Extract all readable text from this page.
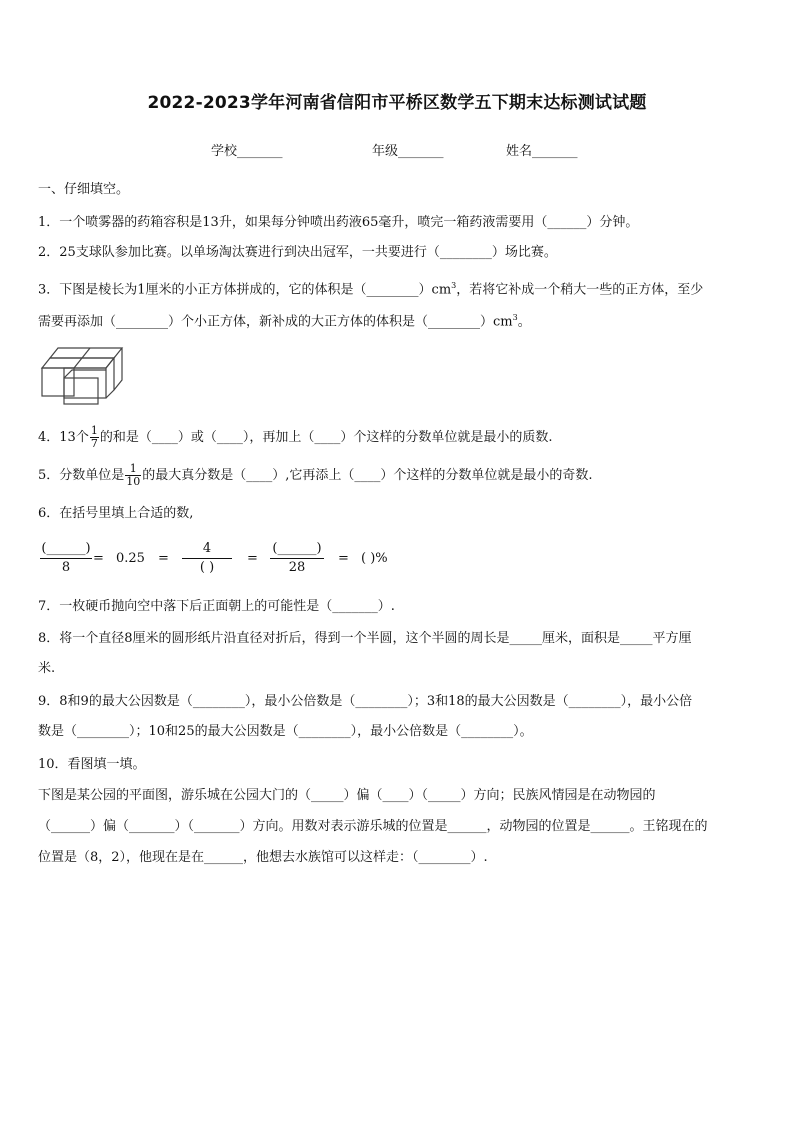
2022-2023学年河南省信阳市平桥区数学五下期末达标测试试题
学校_______	年级_______	姓名_______
一、仔细填空。
1．一个喷雾器的药箱容积是13升，如果每分钟喷出药液65毫升，喷完一箱药液需要用（______）分钟。
2．25支球队参加比赛。以单场淘汰赛进行到决出冠军，一共要进行（________）场比赛。
3．下图是棱长为1厘米的小正方体拼成的，它的体积是$(\_\_\_\_\_\_\_\_)cm^3$，若将它补成一个稍大一些的正方体，至少
需要再添加（________）个小正方体，新补成的大正方体的体积是$(\_\_\_\_\_\_\_\_)cm^3$。
4．13个 $\frac{1}{7}$ 的和是（____）或（____），再加上（____）个这样的分数单位就是最小的质数.
5．分数单位是 $\frac{1}{10}$ 的最大真分数是（____）,它再添上（____）个这样的分数单位就是最小的奇数.
6．在括号里填上合适的数,
(______)
8
= 0.25 =
4
( )
=
(______)
28
= ( )%
7．一枚硬币抛向空中落下后正面朝上的可能性是（_______）.
8．将一个直径8厘米的圆形纸片沿直径对折后，得到一个半圆，这个半圆的周长是_____厘米，面积是_____平方厘
米.
9．8和9的最大公因数是（________），最小公倍数是（________）；3和18的最大公因数是（________），最小公倍
数是（________）；10和25的最大公因数是（________），最小公倍数是（________）。
10．看图填一填。
下图是某公园的平面图，游乐城在公园大门的（_____）偏（____）（_____）方向；民族风情园是在动物园的
（______）偏（_______）（_______）方向。用数对表示游乐城的位置是______，动物园的位置是______。王铭现在的
位置是（8，2），他现在是在______，他想去水族馆可以这样走：（________）.
